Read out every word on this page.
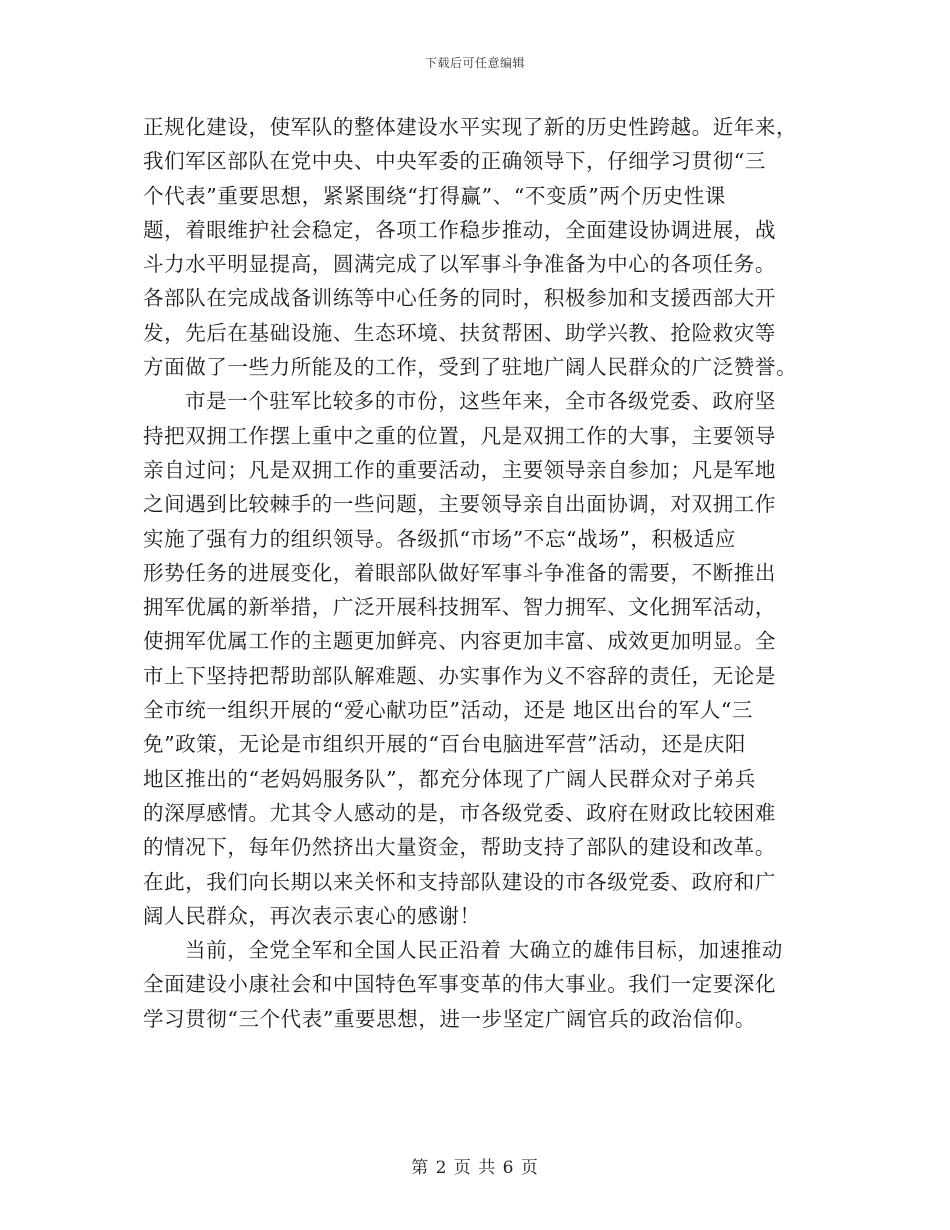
下载后可任意编辑
正规化建设，使军队的整体建设水平实现了新的历史性跨越。近年来，
我们军区部队在党中央、中央军委的正确领导下，仔细学习贯彻“三
个代表”重要思想，紧紧围绕“打得赢”、“不变质”两个历史性课
题，着眼维护社会稳定，各项工作稳步推动，全面建设协调进展，战
斗力水平明显提高，圆满完成了以军事斗争准备为中心的各项任务。
各部队在完成战备训练等中心任务的同时，积极参加和支援西部大开
发，先后在基础设施、生态环境、扶贫帮困、助学兴教、抢险救灾等
方面做了一些力所能及的工作，受到了驻地广阔人民群众的广泛赞誉。
市是一个驻军比较多的市份，这些年来，全市各级党委、政府坚
持把双拥工作摆上重中之重的位置，凡是双拥工作的大事，主要领导
亲自过问；凡是双拥工作的重要活动，主要领导亲自参加；凡是军地
之间遇到比较棘手的一些问题，主要领导亲自出面协调，对双拥工作
实施了强有力的组织领导。各级抓“市场”不忘“战场”，积极适应
形势任务的进展变化，着眼部队做好军事斗争准备的需要，不断推出
拥军优属的新举措，广泛开展科技拥军、智力拥军、文化拥军活动，
使拥军优属工作的主题更加鲜亮、内容更加丰富、成效更加明显。全
市上下坚持把帮助部队解难题、办实事作为义不容辞的责任，无论是
全市统一组织开展的“爱心献功臣”活动，还是 地区出台的军人“三
免”政策，无论是市组织开展的“百台电脑进军营”活动，还是庆阳
地区推出的“老妈妈服务队”，都充分体现了广阔人民群众对子弟兵
的深厚感情。尤其令人感动的是，市各级党委、政府在财政比较困难
的情况下，每年仍然挤出大量资金，帮助支持了部队的建设和改革。
在此，我们向长期以来关怀和支持部队建设的市各级党委、政府和广
阔人民群众，再次表示衷心的感谢！
当前，全党全军和全国人民正沿着 大确立的雄伟目标，加速推动
全面建设小康社会和中国特色军事变革的伟大事业。我们一定要深化
学习贯彻“三个代表”重要思想，进一步坚定广阔官兵的政治信仰。
第 2 页 共 6 页
